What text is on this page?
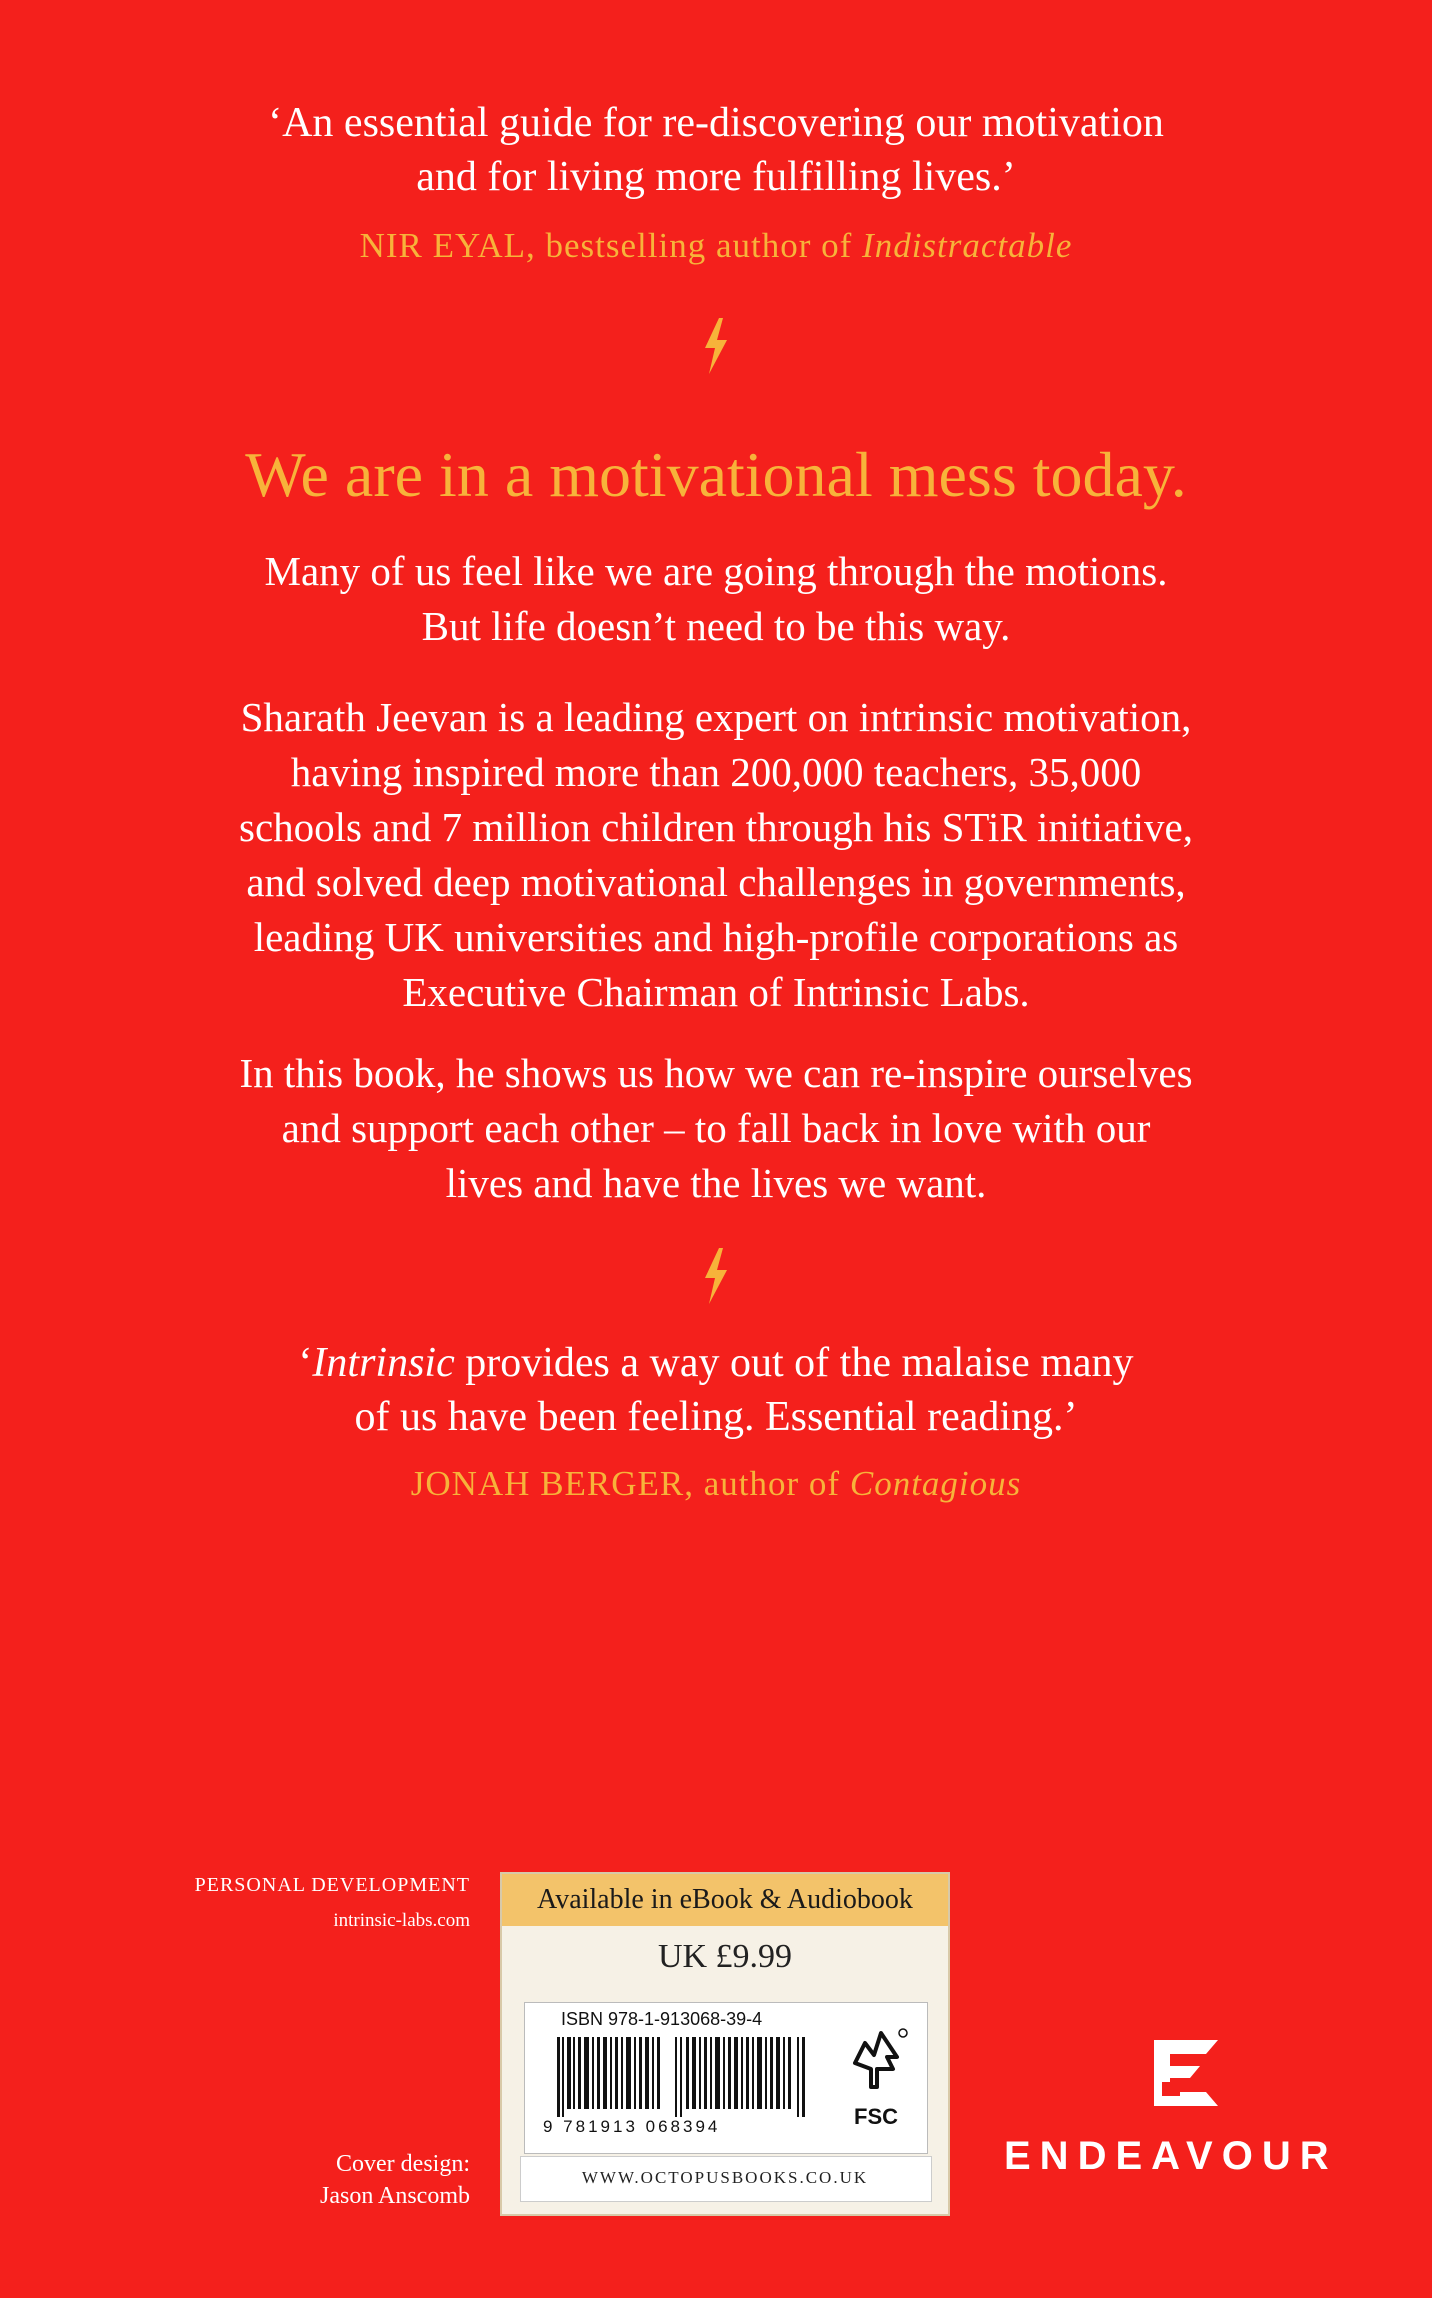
‘An essential guide for re-discovering our motivation
and for living more fulfilling lives.’
NIR EYAL, bestselling author of Indistractable
We are in a motivational mess today.
Many of us feel like we are going through the motions.
But life doesn’t need to be this way.
Sharath Jeevan is a leading expert on intrinsic motivation,
having inspired more than 200,000 teachers, 35,000
schools and 7 million children through his STiR initiative,
and solved deep motivational challenges in governments,
leading UK universities and high-profile corporations as
Executive Chairman of Intrinsic Labs.
In this book, he shows us how we can re-inspire ourselves
and support each other – to fall back in love with our
lives and have the lives we want.
‘Intrinsic provides a way out of the malaise many
of us have been feeling. Essential reading.’
JONAH BERGER, author of Contagious
PERSONAL DEVELOPMENT
intrinsic-labs.com
Cover design:
Jason Anscomb
Available in eBook & Audiobook
UK £9.99
ISBN 978-1-913068-39-4
9 781913 068394	FSC
WWW.OCTOPUSBOOKS.CO.UK	ENDEAVOUR
